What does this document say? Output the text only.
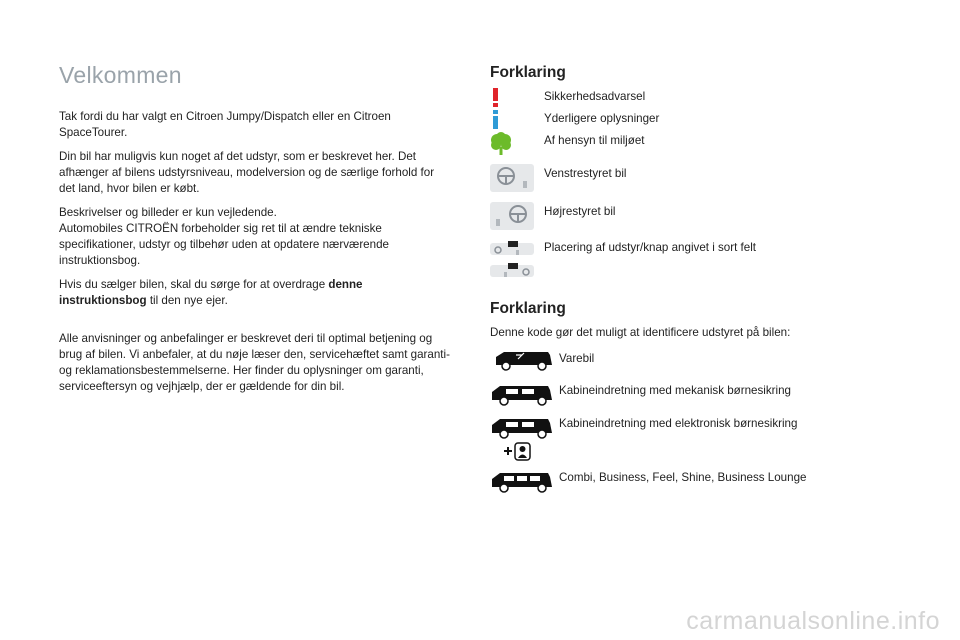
Velkommen

Tak fordi du har valgt en Citroen Jumpy/Dispatch eller en Citroen SpaceTourer.

Din bil har muligvis kun noget af det udstyr, som er beskrevet her. Det afhænger af bilens udstyrsniveau, modelversion og de særlige forhold for det land, hvor bilen er købt.

Beskrivelser og billeder er kun vejledende.
Automobiles CITROËN forbeholder sig ret til at ændre tekniske specifikationer, udstyr og tilbehør uden at opdatere nærværende instruktionsbog.

Hvis du sælger bilen, skal du sørge for at overdrage denne instruktionsbog til den nye ejer.

Alle anvisninger og anbefalinger er beskrevet deri til optimal betjening og brug af bilen. Vi anbefaler, at du nøje læser den, servicehæftet samt garanti- og reklamationsbestemmelserne. Her finder du oplysninger om garanti, serviceeftersyn og vejhjælp, der er gældende for din bil.

Forklaring
Sikkerhedsadvarsel
Yderligere oplysninger
Af hensyn til miljøet
Venstrestyret bil
Højrestyret bil
Placering af udstyr/knap angivet i sort felt
Forklaring

Denne kode gør det muligt at identificere udstyret på bilen:

Varebil
Kabineindretning med mekanisk børnesikring
Kabineindretning med elektronisk børnesikring
Combi, Business, Feel, Shine, Business Lounge
carmanualsonline.info
